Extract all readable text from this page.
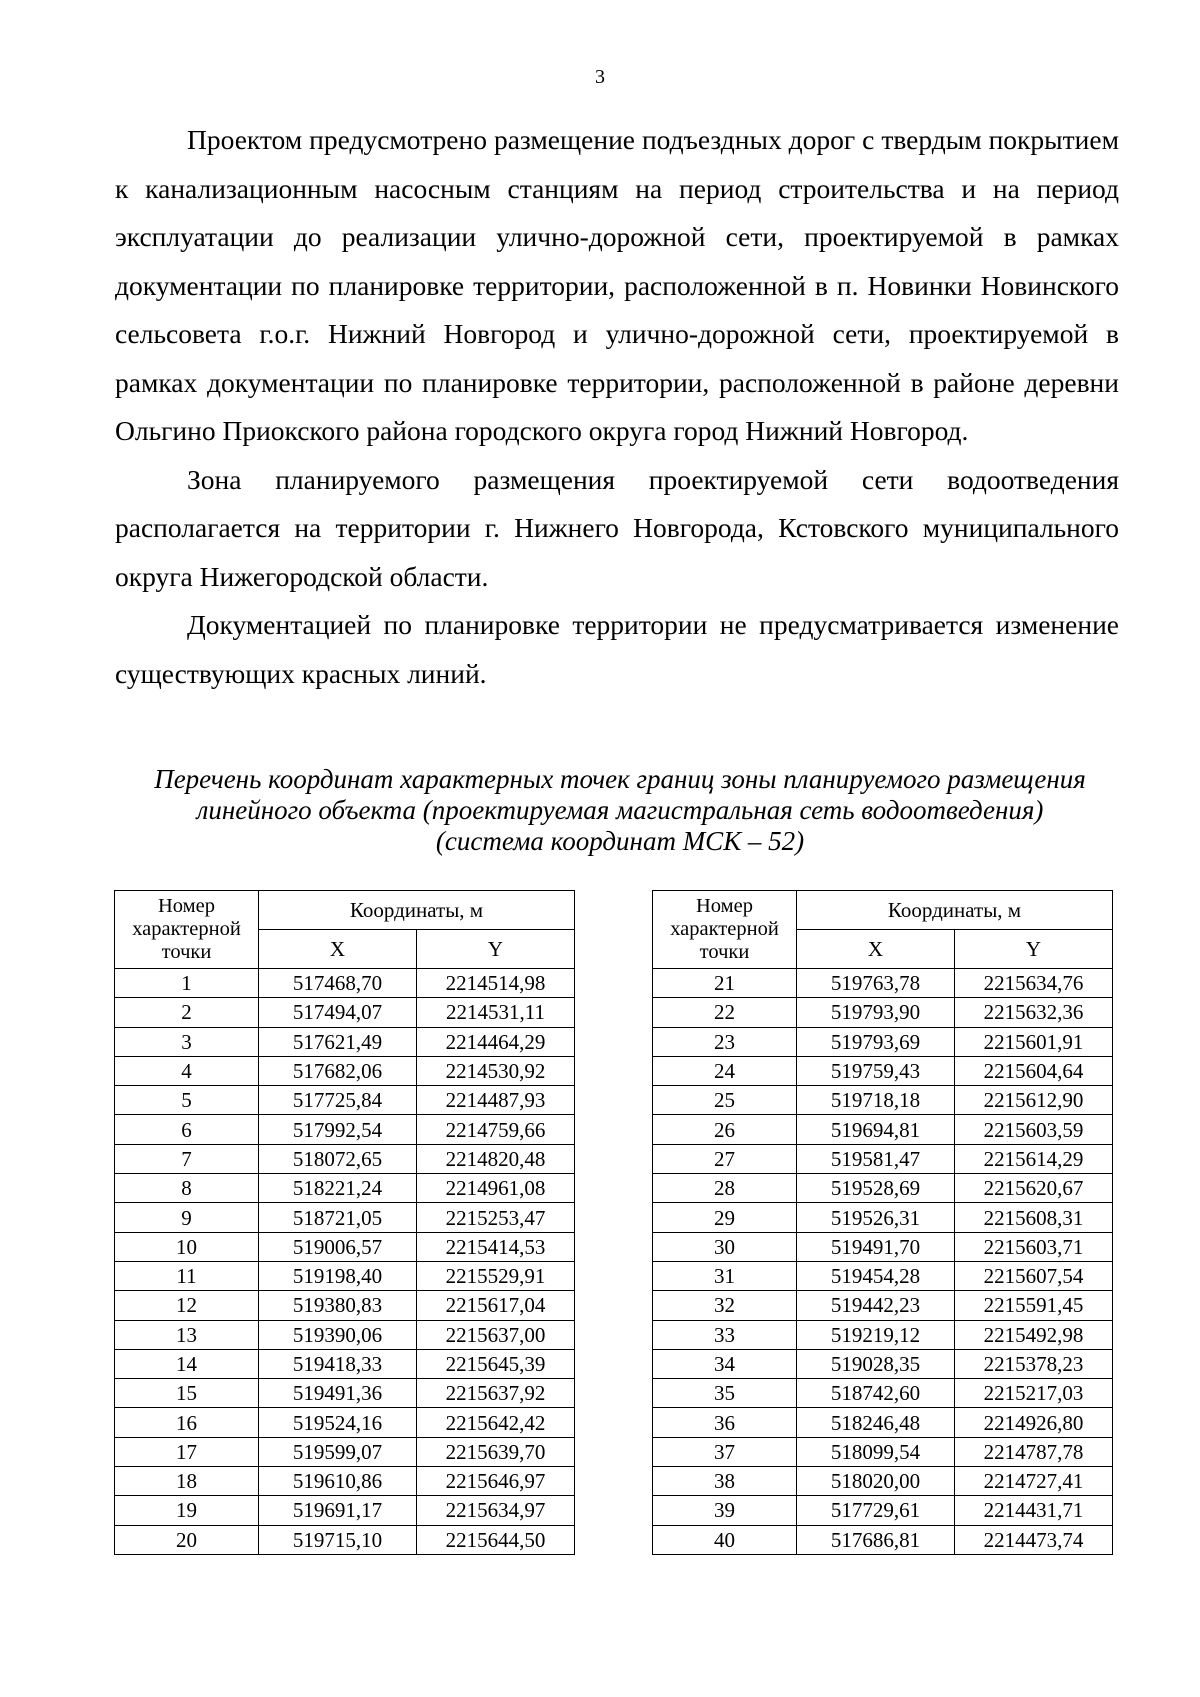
3

Проектом предусмотрено размещение подъездных дорог с твердым покрытием к канализационным насосным станциям на период строительства и на период эксплуатации до реализации улично-дорожной сети, проектируемой в рамках документации по планировке территории, расположенной в п. Новинки Новинского сельсовета г.о.г. Нижний Новгород и улично-дорожной сети, проектируемой в рамках документации по планировке территории, расположенной в районе деревни Ольгино Приокского района городского округа город Нижний Новгород.

Зона планируемого размещения проектируемой сети водоотведения располагается на территории г. Нижнего Новгорода, Кстовского муниципального округа Нижегородской области.

Документацией по планировке территории не предусматривается изменение существующих красных линий.

Перечень координат характерных точек границ зоны планируемого размещения
линейного объекта (проектируемая магистральная сеть водоотведения)
(система координат МСК – 52)
Номер характерной точки	Координаты, м	
	X	Y
1	517468,70	2214514,98
2	517494,07	2214531,11
3	517621,49	2214464,29
4	517682,06	2214530,92
5	517725,84	2214487,93
6	517992,54	2214759,66
7	518072,65	2214820,48
8	518221,24	2214961,08
9	518721,05	2215253,47
10	519006,57	2215414,53
11	519198,40	2215529,91
12	519380,83	2215617,04
13	519390,06	2215637,00
14	519418,33	2215645,39
15	519491,36	2215637,92
16	519524,16	2215642,42
17	519599,07	2215639,70
18	519610,86	2215646,97
19	519691,17	2215634,97
20	519715,10	2215644,50
Номер характерной точки	Координаты, м	
	X	Y
21	519763,78	2215634,76
22	519793,90	2215632,36
23	519793,69	2215601,91
24	519759,43	2215604,64
25	519718,18	2215612,90
26	519694,81	2215603,59
27	519581,47	2215614,29
28	519528,69	2215620,67
29	519526,31	2215608,31
30	519491,70	2215603,71
31	519454,28	2215607,54
32	519442,23	2215591,45
33	519219,12	2215492,98
34	519028,35	2215378,23
35	518742,60	2215217,03
36	518246,48	2214926,80
37	518099,54	2214787,78
38	518020,00	2214727,41
39	517729,61	2214431,71
40	517686,81	2214473,74
